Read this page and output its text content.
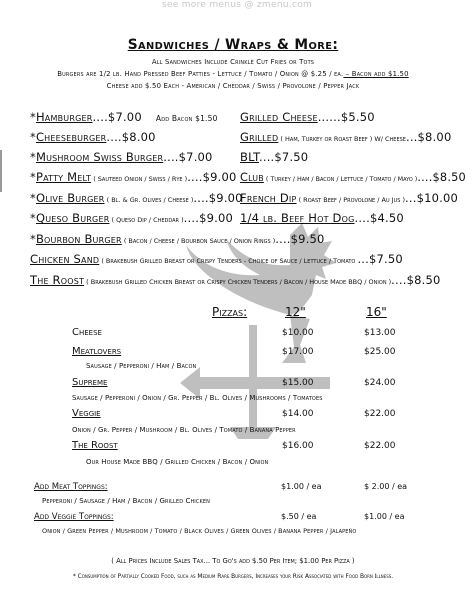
see more menus @ zmenu.com
Sandwiches / Wraps & More:
All Sandwiches Include Crinkle Cut Fries or Tots
Burgers are 1/2 lb. Hand Pressed Beef Patties - Lettuce / Tomato / Onion @ $.25 / ea. – Bacon add $1.50
Cheese add $.50 Each - American / Cheddar / Swiss / Provolone / Pepper Jack
*Hamburger....$7.00 Add Bacon $1.50
*Cheeseburger....$8.00
*Mushroom Swiss Burger....$7.00
*Patty Melt ( Sauteed Onion / Swiss / Rye )....$9.00
*Olive Burger ( Bl. & Gr. Olives / Cheese )....$9.00
*Queso Burger ( Queso Dip / Cheddar )....$9.00
*Bourbon Burger ( Bacon / Cheese / Bourbon Sauce / Onion Rings )....$9.50
Grilled Cheese......$5.50
Grilled ( Ham, Turkey or Roast Beef ) W/ Cheese...$8.00
BLT....$7.50
Club ( Turkey / Ham / Bacon / Lettuce / Tomato / Mayo )....$8.50
French Dip ( Roast Beef / Provolone / Au Jus )...$10.00
1/4 lb. Beef Hot Dog....$4.50
Chicken Sand ( Brakebush Grilled Breast or Crispy Tenders - Choice of Sauce / Lettuce / Tomato ...$7.50
The Roost ( Brakebush Grilled Chicken Breast or Crispy Chicken Tenders / Bacon / House Made BBQ / Onion )....$8.50
Pizzas:	12"	16"
Cheese	$10.00	$13.00
Meatlovers	$17.00	$25.00
Sausage / Pepperoni / Ham / Bacon
Supreme	$15.00	$24.00
Sausage / Pepperoni / Onion / Gr. Pepper / Bl. Olives / Mushrooms / Tomatoes
Veggie	$14.00	$22.00
Onion / Gr. Pepper / Mushroom / Bl. Olives / Tomato / Banana Pepper
The Roost	$16.00	$22.00
Our House Made BBQ / Grilled Chicken / Bacon / Onion
Add Meat Toppings:	$1.00 / ea	$ 2.00 / ea
Pepperoni / Sausage / Ham / Bacon / Grilled Chicken
Add Veggie Toppings:	$.50 / ea	$1.00 / ea
Onion / Green Pepper / Mushroom / Tomato / Black Olives / Green Olives / Banana Pepper / Jalapeño
( All Prices Include Sales Tax... To Go's add $.50 Per Item; $1.00 Per Pizza )
* Consumption of Partially Cooked Food, such as Medium Rare Burgers, Increases your Risk Associated with Food Born Illness.
